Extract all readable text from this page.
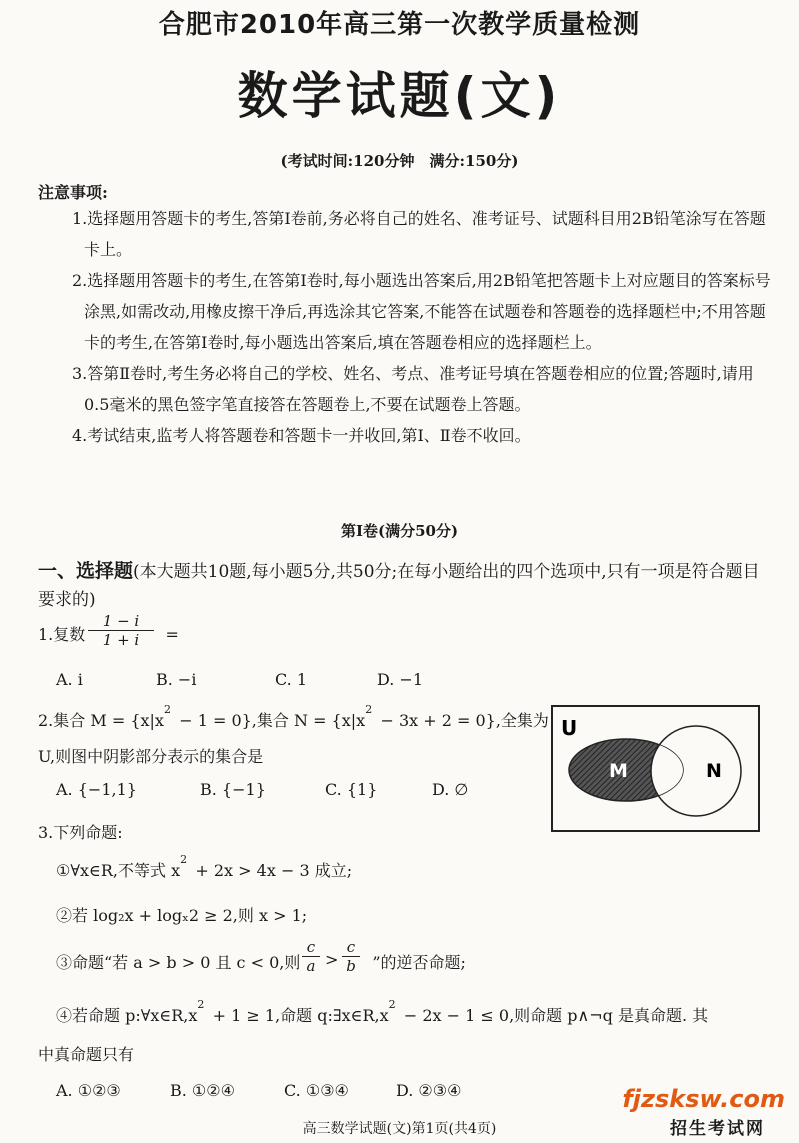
合肥市2010年高三第一次教学质量检测
数学试题(文)
(考试时间:120分钟　满分:150分)
注意事项:
1.选择题用答题卡的考生,答第Ⅰ卷前,务必将自己的姓名、准考证号、试题科目用2B铅笔涂写在答题卡上。
2.选择题用答题卡的考生,在答第Ⅰ卷时,每小题选出答案后,用2B铅笔把答题卡上对应题目的答案标号涂黑,如需改动,用橡皮擦干净后,再选涂其它答案,不能答在试题卷和答题卷的选择题栏中;不用答题卡的考生,在答第Ⅰ卷时,每小题选出答案后,填在答题卷相应的选择题栏上。
3.答第Ⅱ卷时,考生务必将自己的学校、姓名、考点、准考证号填在答题卷相应的位置;答题时,请用0.5毫米的黑色签字笔直接答在答题卷上,不要在试题卷上答题。
4.考试结束,监考人将答题卷和答题卡一并收回,第Ⅰ、Ⅱ卷不收回。
第Ⅰ卷(满分50分)
一、选择题(本大题共10题,每小题5分,共50分;在每小题给出的四个选项中,只有一项是符合题目要求的)
1.复数	=
$\frac{1 - i}{1 + i}$
A. i	B. −i	C. 1	D. −1
2.集合 M = {x|x
2
− 1 = 0},集合 N = {x|x
2
− 3x + 2 = 0},全集为
U,则图中阴影部分表示的集合是
A. {−1,1}	B. {−1}	C. {1}	D. ∅
U
M	N
3.下列命题:
①∀x∈R,不等式 x
2
+ 2x > 4x − 3 成立;
②若 log₂x + logₓ2 ≥ 2,则 x > 1;
③命题“若 a > b > 0 且 c < 0,则	”的逆否命题;
$\frac{c}{a} > \frac{c}{b}$
④若命题 p:∀x∈R,x
2
+ 1 ≥ 1,命题 q:∃x∈R,x
2
− 2x − 1 ≤ 0,则命题 p∧¬q 是真命题. 其
中真命题只有
A. ①②③	B. ①②④	C. ①③④	D. ②③④
高三数学试题(文)第1页(共4页)
fjzsksw.com
招生考试网
